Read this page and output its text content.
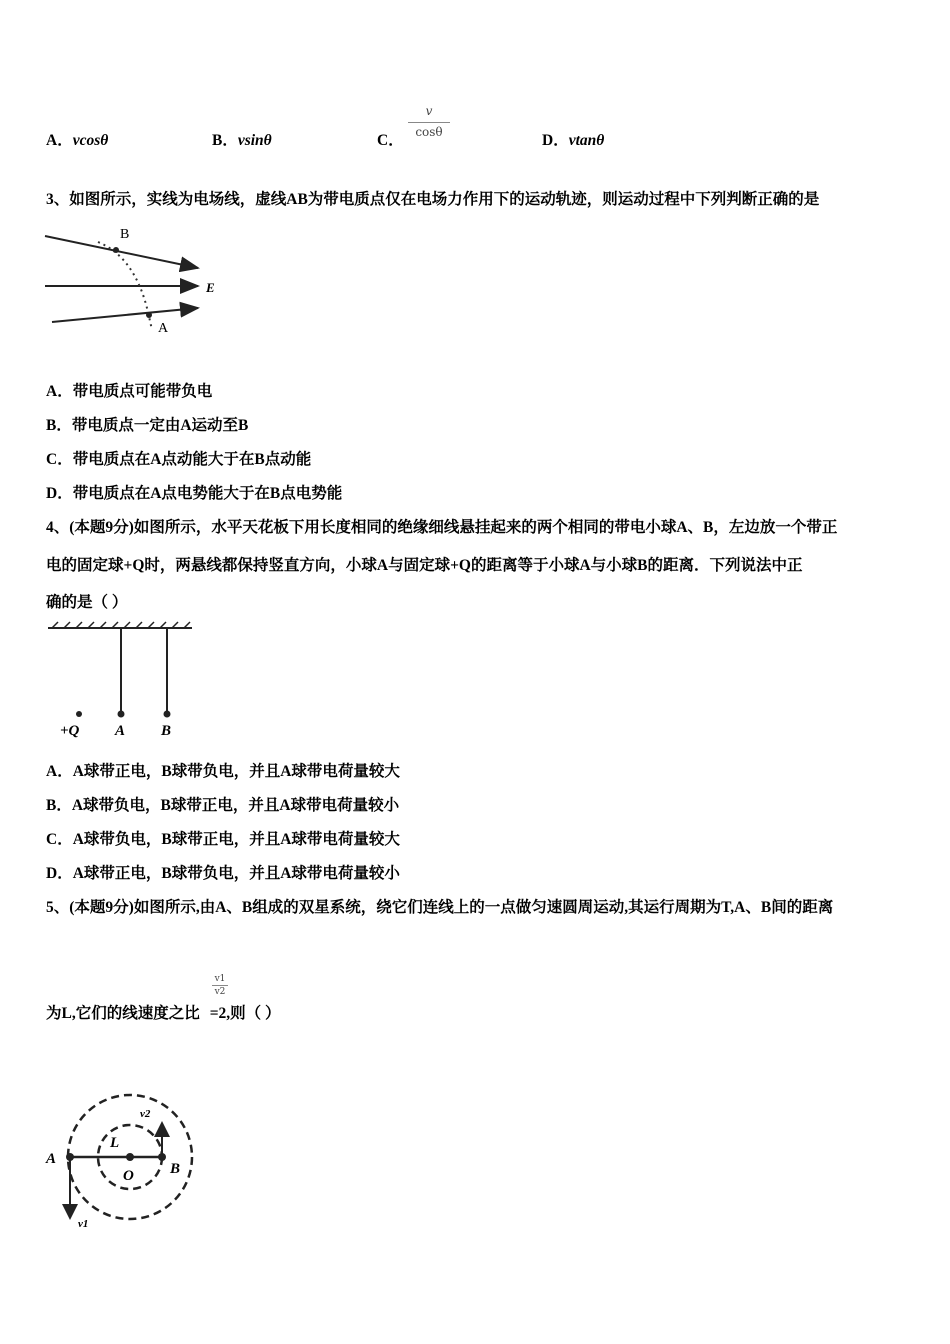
A．vcosθ	B．vsinθ	C．
v
cosθ	D．vtanθ
3、如图所示，实线为电场线，虚线AB为带电质点仅在电场力作用下的运动轨迹，则运动过程中下列判断正确的是
B
A
E
A．带电质点可能带负电
B．带电质点一定由A运动至B
C．带电质点在A点动能大于在B点动能
D．带电质点在A点电势能大于在B点电势能
4、(本题9分)如图所示，水平天花板下用长度相同的绝缘细线悬挂起来的两个相同的带电小球A、B，左边放一个带正
电的固定球+Q时，两悬线都保持竖直方向，小球A与固定球+Q的距离等于小球A与小球B的距离．下列说法中正
确的是（ ）
+Q A B
A．A球带正电，B球带负电，并且A球带电荷量较大
B．A球带负电，B球带正电，并且A球带电荷量较小
C．A球带负电，B球带正电，并且A球带电荷量较大
D．A球带正电，B球带负电，并且A球带电荷量较小
5、(本题9分)如图所示,由A、B组成的双星系统，绕它们连线上的一点做匀速圆周运动,其运行周期为T,A、B间的距离
为L,它们的线速度之比 =2,则（ ）
v1
v2
A
B
O
L
v1
v2
